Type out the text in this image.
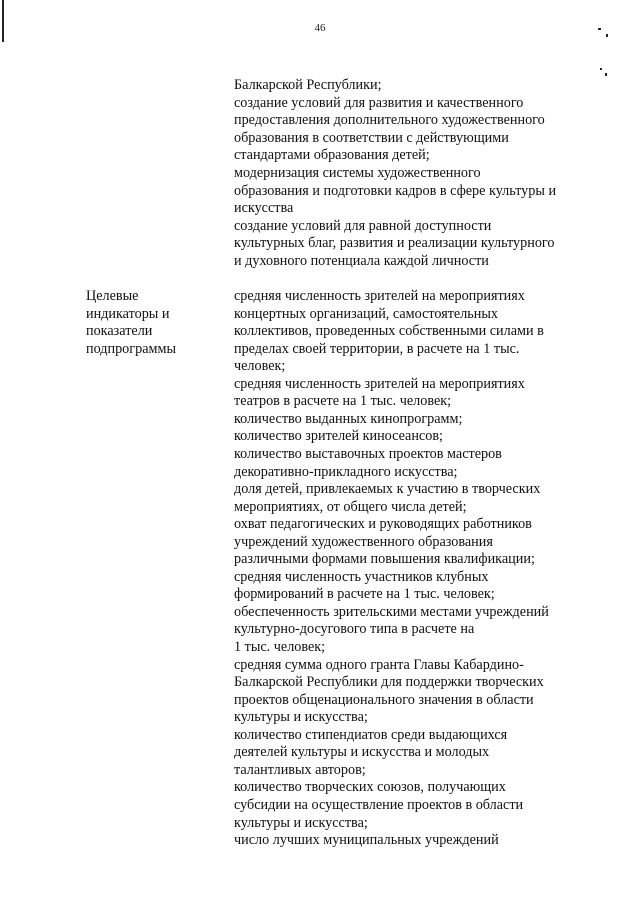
46
Балкарской Республики;
создание условий для развития и качественного
предоставления дополнительного художественного
образования в соответствии с действующими
стандартами образования детей;
модернизация системы художественного
образования и подготовки кадров в сфере культуры и
искусства
создание условий для равной доступности
культурных благ, развития и реализации культурного
и духовного потенциала каждой личности
Целевые
индикаторы и
показатели
подпрограммы
средняя численность зрителей на мероприятиях
концертных организаций, самостоятельных
коллективов, проведенных собственными силами в
пределах своей территории, в расчете на 1 тыс.
человек;
средняя численность зрителей на мероприятиях
театров в расчете на 1 тыс. человек;
количество выданных кинопрограмм;
количество зрителей киносеансов;
количество выставочных проектов мастеров
декоративно-прикладного искусства;
доля детей, привлекаемых к участию в творческих
мероприятиях, от общего числа детей;
охват педагогических и руководящих работников
учреждений художественного образования
различными формами повышения квалификации;
средняя численность участников клубных
формирований в расчете на 1 тыс. человек;
обеспеченность зрительскими местами учреждений
культурно-досугового типа в расчете на
1 тыс. человек;
средняя сумма одного гранта Главы Кабардино-
Балкарской Республики для поддержки творческих
проектов общенационального значения в области
культуры и искусства;
количество стипендиатов среди выдающихся
деятелей культуры и искусства и молодых
талантливых авторов;
количество творческих союзов, получающих
субсидии на осуществление проектов в области
культуры и искусства;
число лучших муниципальных учреждений
